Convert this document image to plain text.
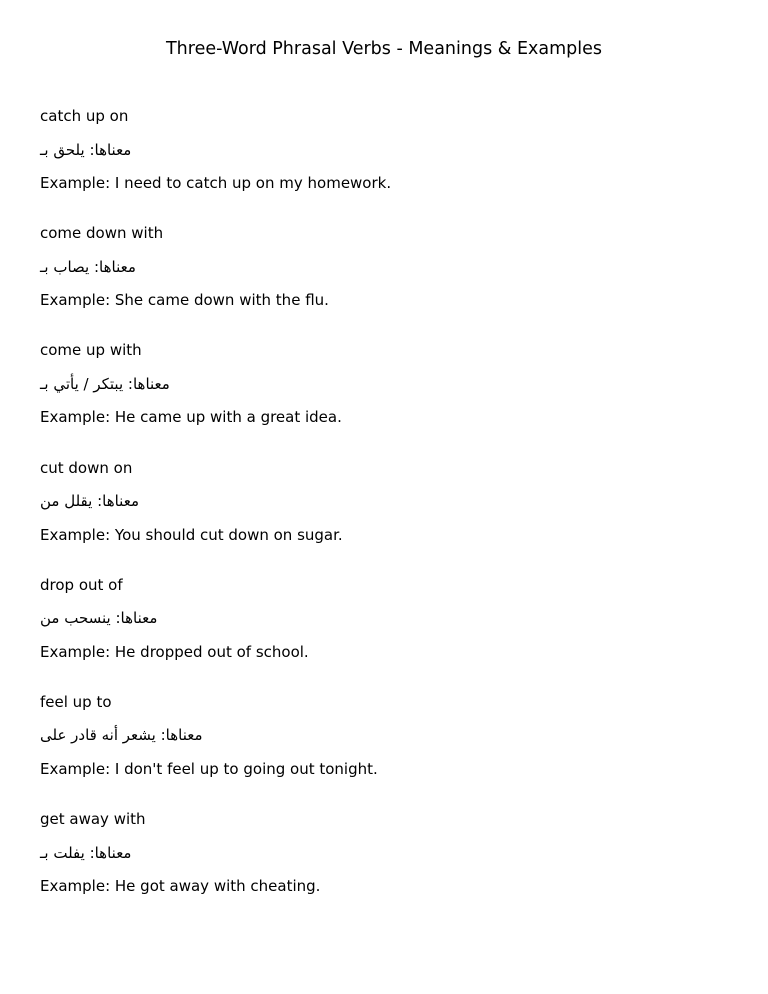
Three-Word Phrasal Verbs - Meanings & Examples
catch up on
معناها: يلحق بـ
Example: I need to catch up on my homework.
come down with
معناها: يصاب بـ
Example: She came down with the flu.
come up with
معناها: يبتكر / يأتي بـ
Example: He came up with a great idea.
cut down on
معناها: يقلل من
Example: You should cut down on sugar.
drop out of
معناها: ينسحب من
Example: He dropped out of school.
feel up to
معناها: يشعر أنه قادر على
Example: I don't feel up to going out tonight.
get away with
معناها: يفلت بـ
Example: He got away with cheating.
